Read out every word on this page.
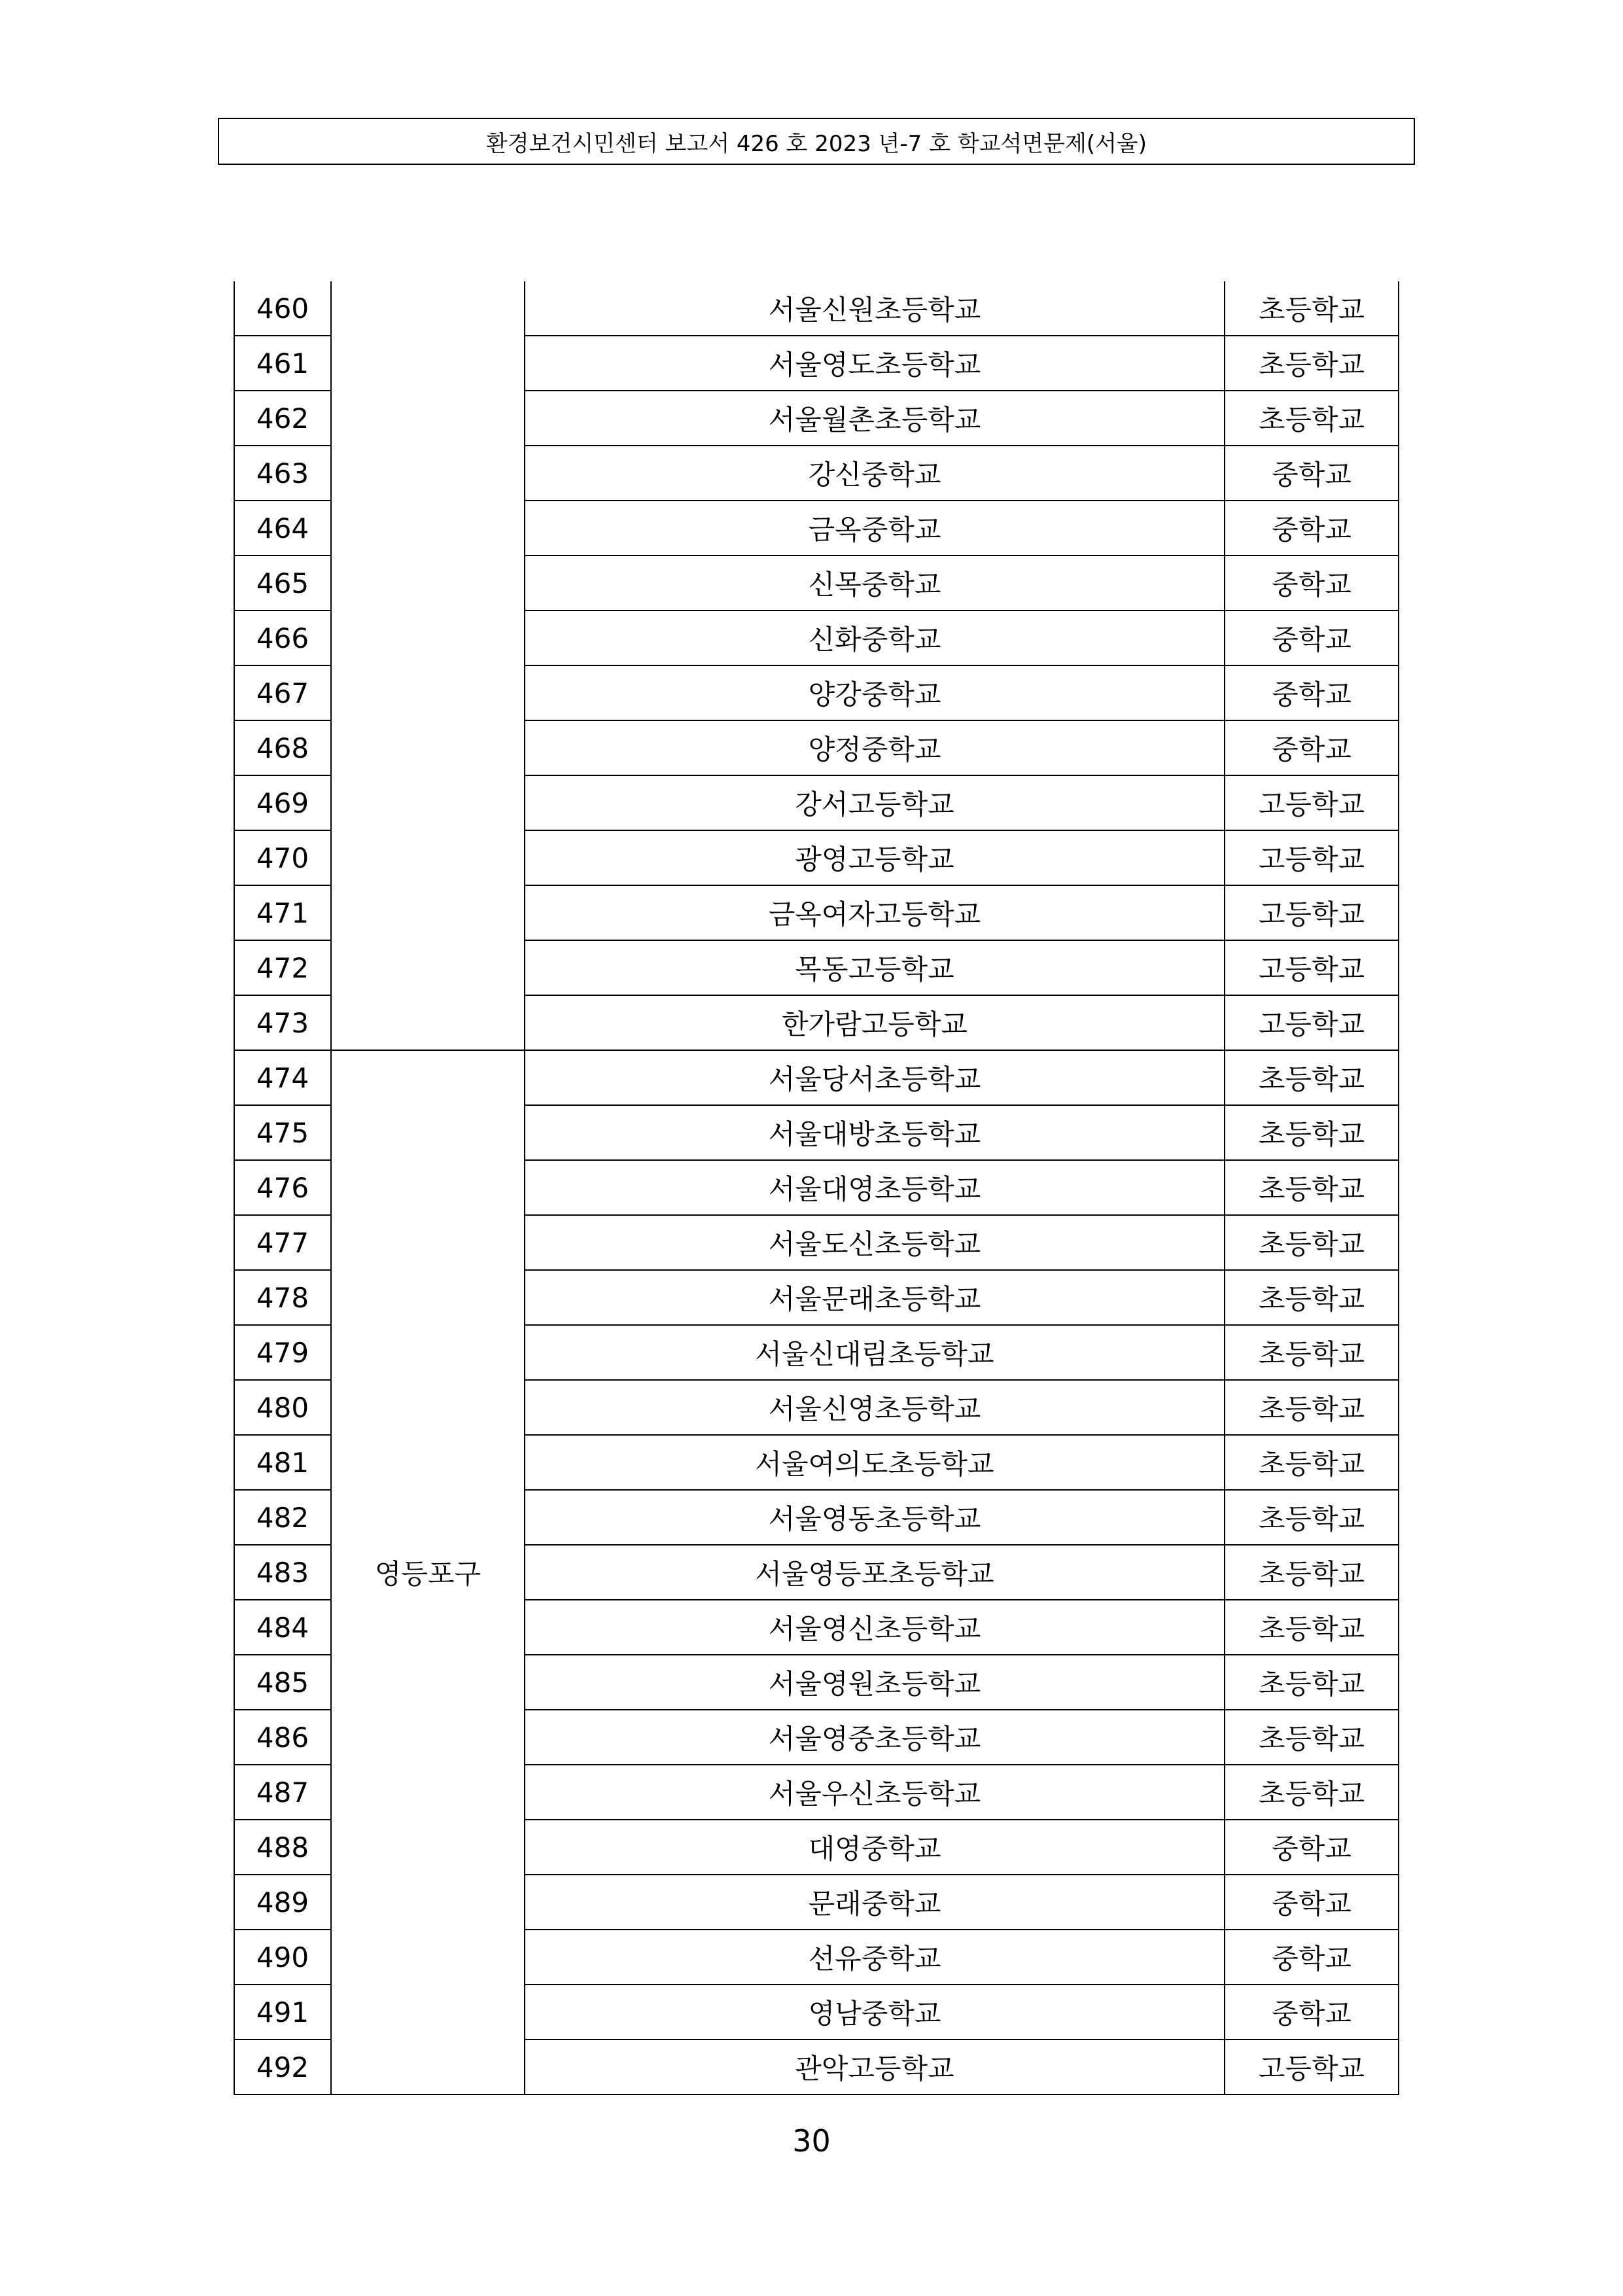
환경보건시민센터 보고서 426 호 2023 년-7 호 학교석면문제(서울)
460		서울신원초등학교	초등학교
461		서울영도초등학교	초등학교
462		서울월촌초등학교	초등학교
463		강신중학교	중학교
464		금옥중학교	중학교
465		신목중학교	중학교
466		신화중학교	중학교
467		양강중학교	중학교
468		양정중학교	중학교
469		강서고등학교	고등학교
470		광영고등학교	고등학교
471		금옥여자고등학교	고등학교
472		목동고등학교	고등학교
473		한가람고등학교	고등학교
474	영등포구	서울당서초등학교	초등학교
475		서울대방초등학교	초등학교
476		서울대영초등학교	초등학교
477		서울도신초등학교	초등학교
478		서울문래초등학교	초등학교
479		서울신대림초등학교	초등학교
480		서울신영초등학교	초등학교
481		서울여의도초등학교	초등학교
482		서울영동초등학교	초등학교
483		서울영등포초등학교	초등학교
484		서울영신초등학교	초등학교
485		서울영원초등학교	초등학교
486		서울영중초등학교	초등학교
487		서울우신초등학교	초등학교
488		대영중학교	중학교
489		문래중학교	중학교
490		선유중학교	중학교
491		영남중학교	중학교
492		관악고등학교	고등학교
30
